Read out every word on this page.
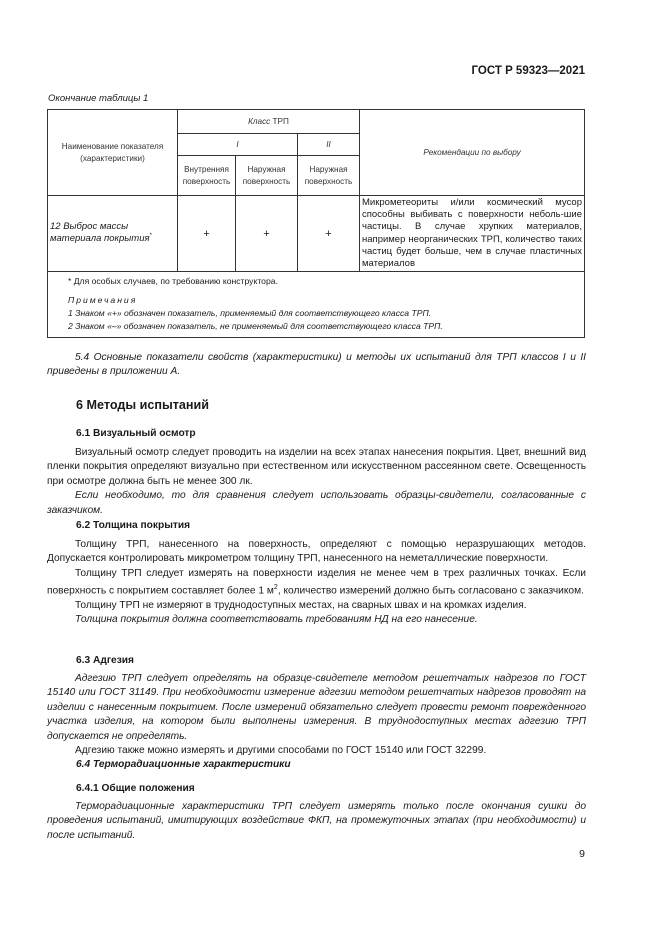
ГОСТ Р 59323—2021
Окончание таблицы 1
Наименование показателя (характеристики)	Класс ТРП			Рекомендации по выбору
	I		II	
	Внутренняя поверхность	Наружная поверхность	Наружная поверхность	
12 Выброс массы материала покрытия*	+	+	+	Микрометеориты и/или космический мусор способны выбивать с поверхности неболь-шие частицы. В случае хрупких материалов, например неорганических ТРП, количество таких частиц будет больше, чем в случае пластичных материалов

* Для особых случаев, по требованию конструктора.
Примечания
1 Знаком «+» обозначен показатель, применяемый для соответствующего класса ТРП.
2 Знаком «–» обозначен показатель, не применяемый для соответствующего класса ТРП.				

5.4 Основные показатели свойств (характеристики) и методы их испытаний для ТРП классов I и II приведены в приложении А.

6 Методы испытаний
6.1 Визуальный осмотр

Визуальный осмотр следует проводить на изделии на всех этапах нанесения покрытия. Цвет, внешний вид пленки покрытия определяют визуально при естественном или искусственном рассеянном свете. Освещенность при осмотре должна быть не менее 300 лк.

Если необходимо, то для сравнения следует использовать образцы-свидетели, согласованные с заказчиком.

6.2 Толщина покрытия

Толщину ТРП, нанесенного на поверхность, определяют с помощью неразрушающих методов. Допускается контролировать микрометром толщину ТРП, нанесенного на неметаллические поверхности.

Толщину ТРП следует измерять на поверхности изделия не менее чем в трех различных точках. Если поверхность с покрытием составляет более 1 $м^2$, количество измерений должно быть согласовано с заказчиком.

Толщину ТРП не измеряют в труднодоступных местах, на сварных швах и на кромках изделия.

Толщина покрытия должна соответствовать требованиям НД на его нанесение.

6.3 Адгезия

Адгезию ТРП следует определять на образце-свидетеле методом решетчатых надрезов по ГОСТ 15140 или ГОСТ 31149. При необходимости измерение адгезии методом решетчатых надрезов проводят на изделии с нанесенным покрытием. После измерений обязательно следует провести ремонт поврежденного участка изделия, на котором были выполнены измерения. В труднодоступных местах адгезию ТРП допускается не определять.

Адгезию также можно измерять и другими способами по ГОСТ 15140 или ГОСТ 32299.

6.4 Терморадиационные характеристики
6.4.1 Общие положения

Терморадиационные характеристики ТРП следует измерять только после окончания сушки до проведения испытаний, имитирующих воздействие ФКП, на промежуточных этапах (при необходимости) и после испытаний.

9
